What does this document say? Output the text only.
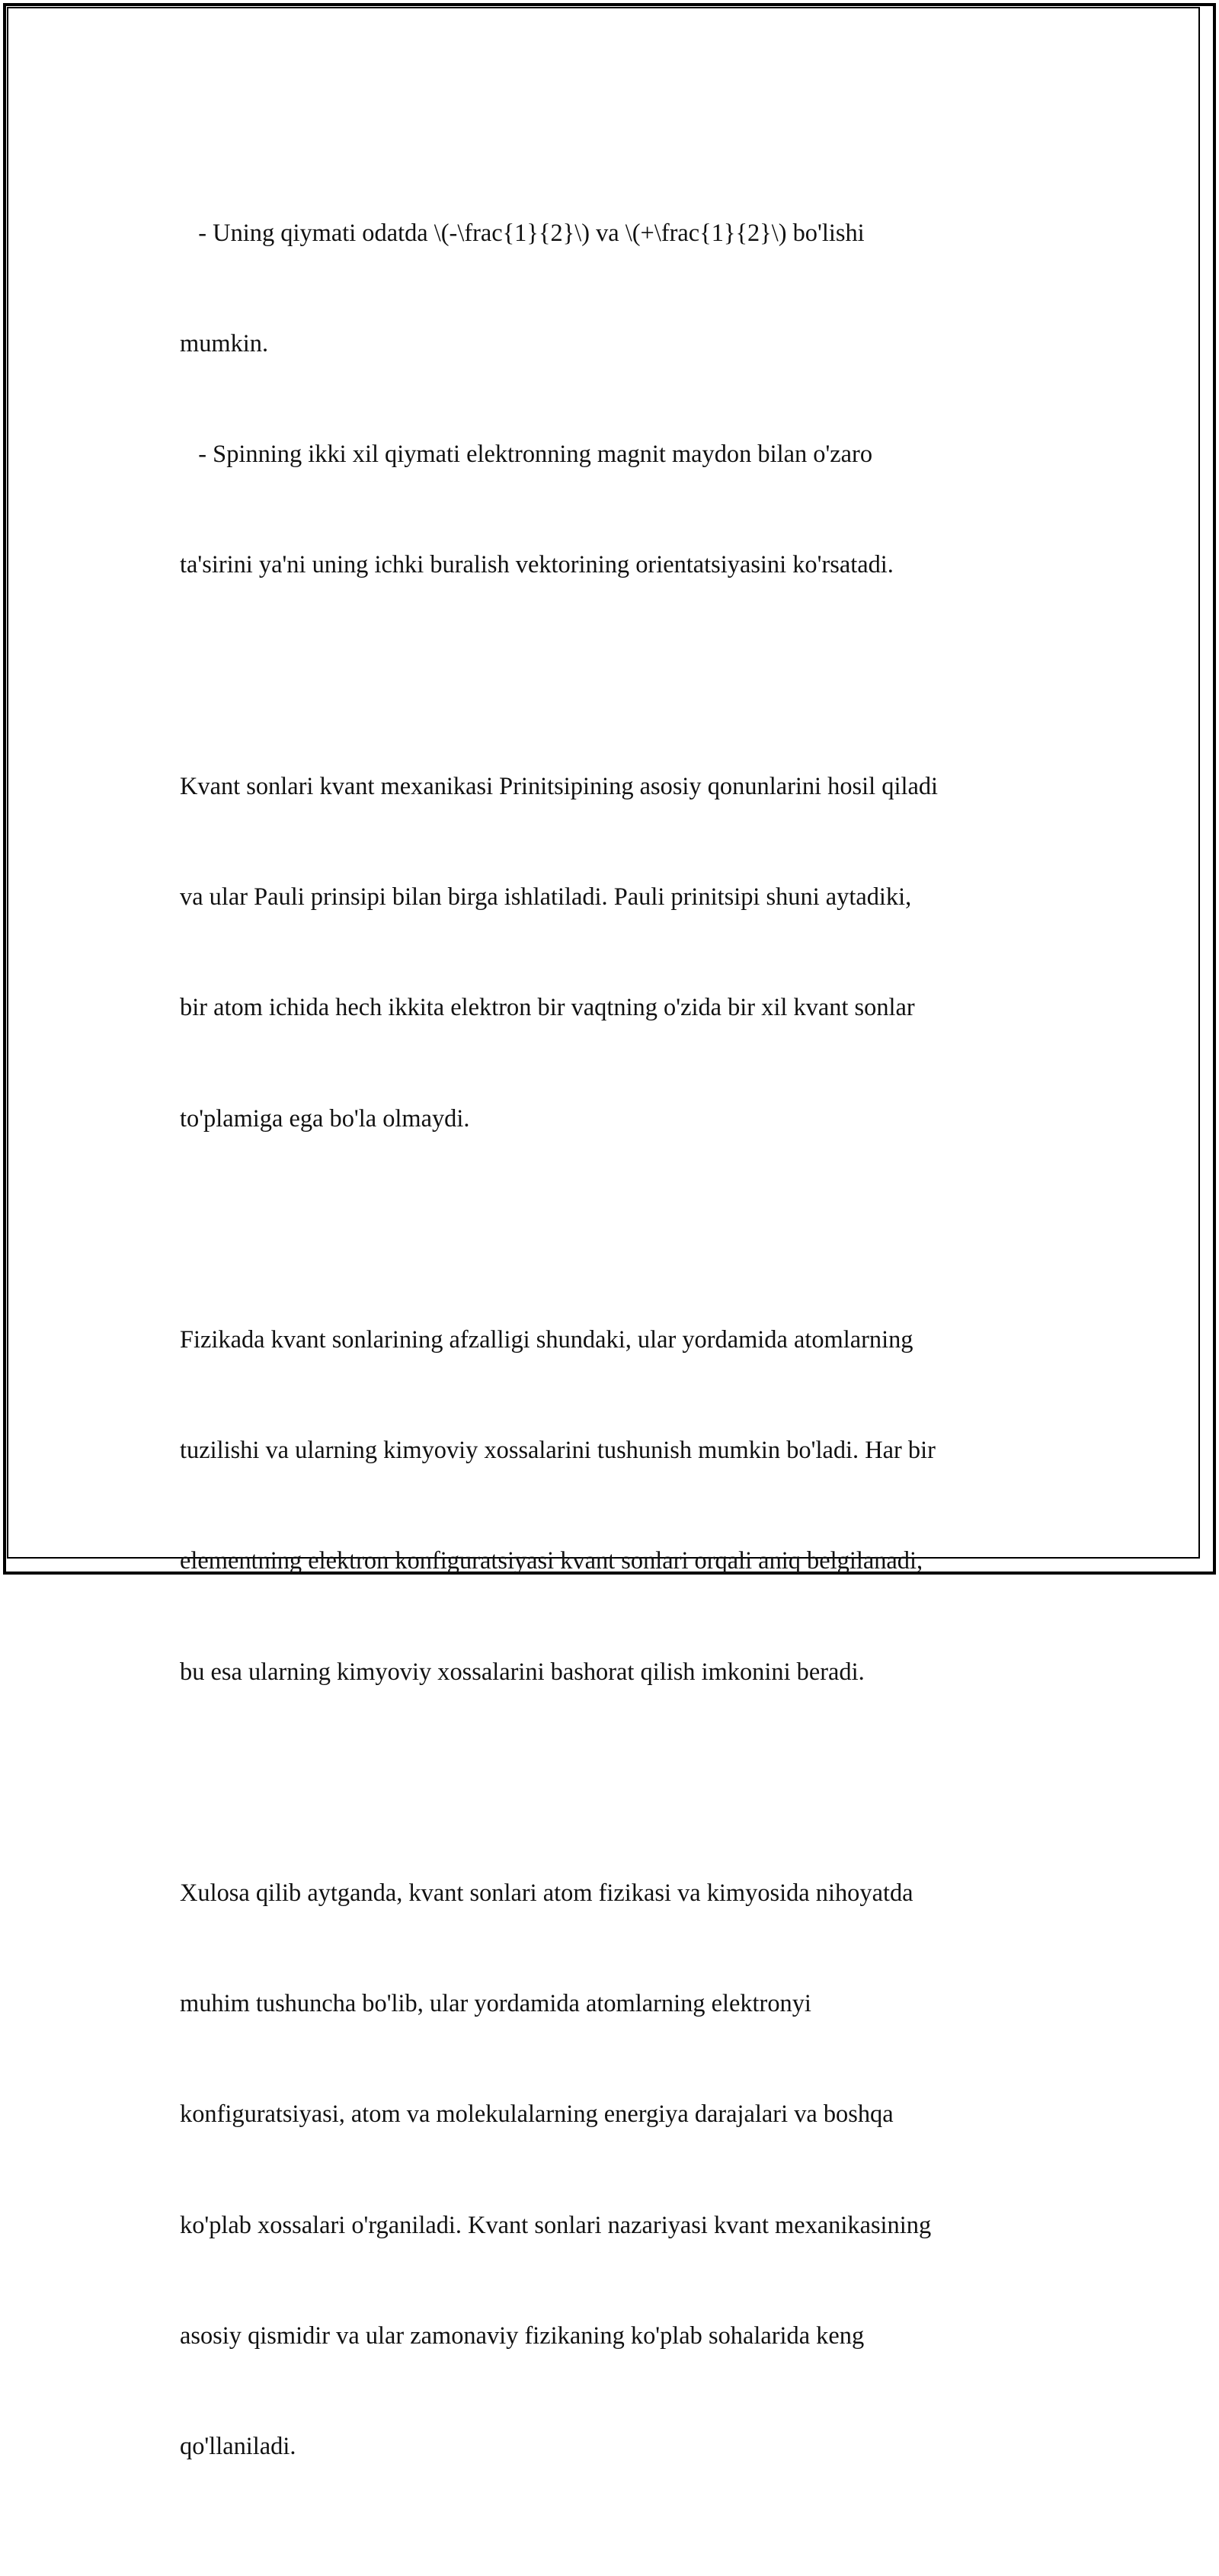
- Uning qiymati odatda \(-\frac{1}{2}\) va \(+\frac{1}{2}\) bo'lishi

mumkin.

- Spinning ikki xil qiymati elektronning magnit maydon bilan o'zaro

ta'sirini ya'ni uning ichki buralish vektorining orientatsiyasini ko'rsatadi.

Kvant sonlari kvant mexanikasi Prinitsipining asosiy qonunlarini hosil qiladi

va ular Pauli prinsipi bilan birga ishlatiladi. Pauli prinitsipi shuni aytadiki,

bir atom ichida hech ikkita elektron bir vaqtning o'zida bir xil kvant sonlar

to'plamiga ega bo'la olmaydi.

Fizikada kvant sonlarining afzalligi shundaki, ular yordamida atomlarning

tuzilishi va ularning kimyoviy xossalarini tushunish mumkin bo'ladi. Har bir

elementning elektron konfiguratsiyasi kvant sonlari orqali aniq belgilanadi,

bu esa ularning kimyoviy xossalarini bashorat qilish imkonini beradi.

Xulosa qilib aytganda, kvant sonlari atom fizikasi va kimyosida nihoyatda

muhim tushuncha bo'lib, ular yordamida atomlarning elektronyi

konfiguratsiyasi, atom va molekulalarning energiya darajalari va boshqa

ko'plab xossalari o'rganiladi. Kvant sonlari nazariyasi kvant mexanikasining

asosiy qismidir va ular zamonaviy fizikaning ko'plab sohalarida keng

qo'llaniladi.
